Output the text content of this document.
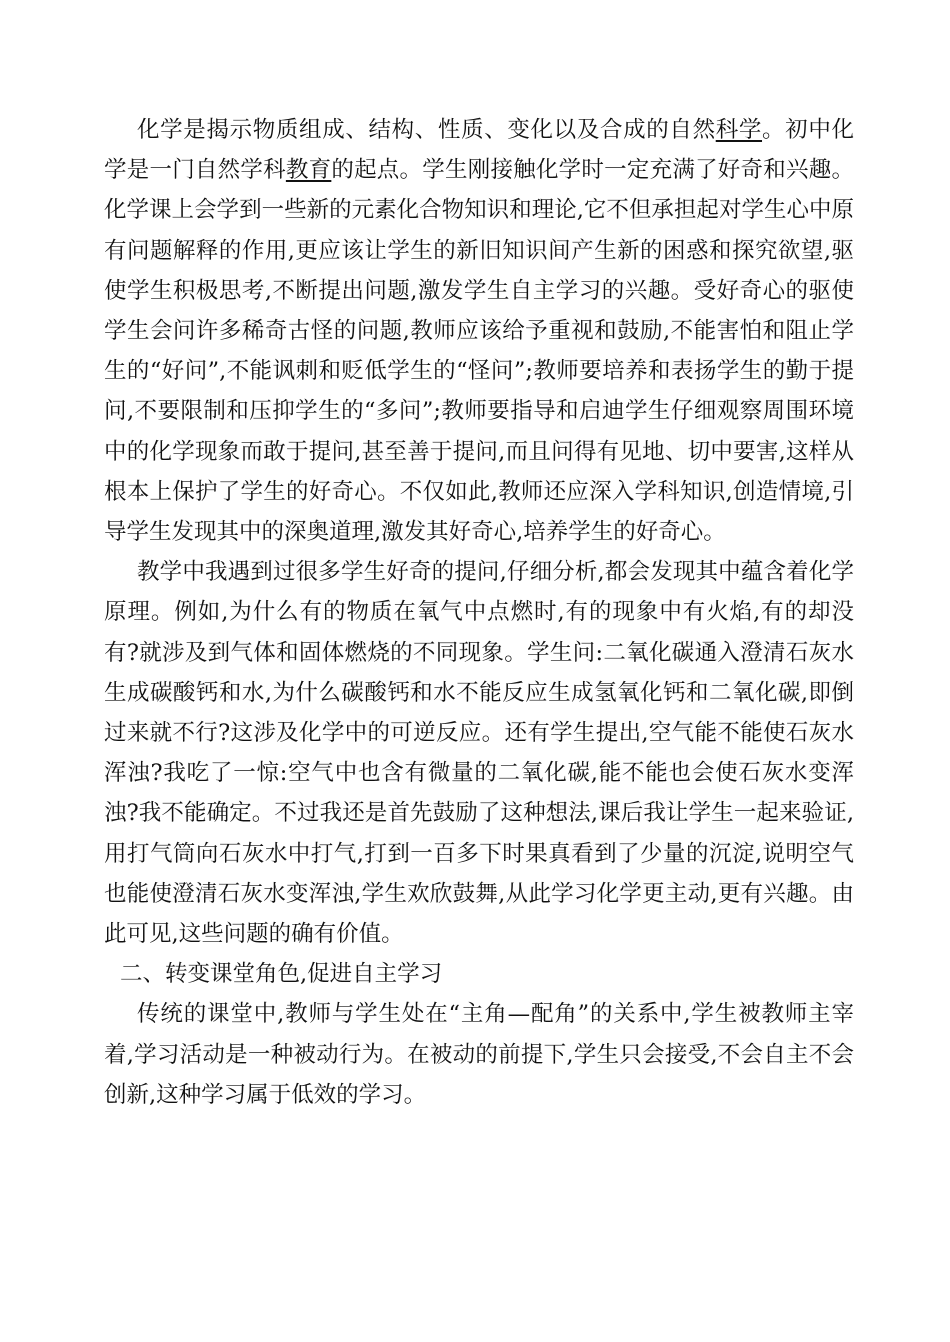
化学是揭示物质组成、结构、性质、变化以及合成的自然科学。初中化学是一门自然学科教育的起点。学生刚接触化学时一定充满了好奇和兴趣。化学课上会学到一些新的元素化合物知识和理论,它不但承担起对学生心中原有问题解释的作用,更应该让学生的新旧知识间产生新的困惑和探究欲望,驱使学生积极思考,不断提出问题,激发学生自主学习的兴趣。受好奇心的驱使学生会问许多稀奇古怪的问题,教师应该给予重视和鼓励,不能害怕和阻止学生的“好问”,不能讽刺和贬低学生的“怪问”;教师要培养和表扬学生的勤于提问,不要限制和压抑学生的“多问”;教师要指导和启迪学生仔细观察周围环境中的化学现象而敢于提问,甚至善于提问,而且问得有见地、切中要害,这样从根本上保护了学生的好奇心。不仅如此,教师还应深入学科知识,创造情境,引导学生发现其中的深奥道理,激发其好奇心,培养学生的好奇心。

教学中我遇到过很多学生好奇的提问,仔细分析,都会发现其中蕴含着化学原理。例如,为什么有的物质在氧气中点燃时,有的现象中有火焰,有的却没有?就涉及到气体和固体燃烧的不同现象。学生问:二氧化碳通入澄清石灰水生成碳酸钙和水,为什么碳酸钙和水不能反应生成氢氧化钙和二氧化碳,即倒过来就不行?这涉及化学中的可逆反应。还有学生提出,空气能不能使石灰水浑浊?我吃了一惊:空气中也含有微量的二氧化碳,能不能也会使石灰水变浑浊?我不能确定。不过我还是首先鼓励了这种想法,课后我让学生一起来验证,用打气筒向石灰水中打气,打到一百多下时果真看到了少量的沉淀,说明空气也能使澄清石灰水变浑浊,学生欢欣鼓舞,从此学习化学更主动,更有兴趣。由此可见,这些问题的确有价值。

二、转变课堂角色,促进自主学习

传统的课堂中,教师与学生处在“主角—配角”的关系中,学生被教师主宰着,学习活动是一种被动行为。在被动的前提下,学生只会接受,不会自主不会创新,这种学习属于低效的学习。
